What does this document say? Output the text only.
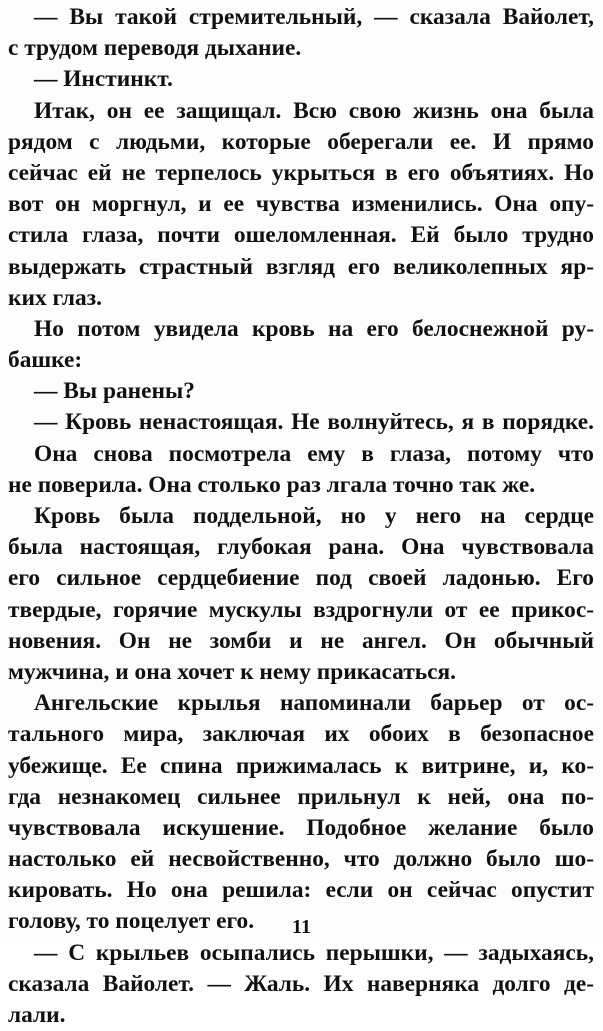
— Вы такой стремительный, — сказала Вайолет,
с трудом переводя дыхание.
— Инстинкт.
Итак, он ее защищал. Всю свою жизнь она была
рядом с людьми, которые оберегали ее. И прямо
сейчас ей не терпелось укрыться в его объятиях. Но
вот он моргнул, и ее чувства изменились. Она опу-
стила глаза, почти ошеломленная. Ей было трудно
выдержать страстный взгляд его великолепных яр-
ких глаз.
Но потом увидела кровь на его белоснежной ру-
башке:
— Вы ранены?
— Кровь ненастоящая. Не волнуйтесь, я в порядке.
Она снова посмотрела ему в глаза, потому что
не поверила. Она столько раз лгала точно так же.
Кровь была поддельной, но у него на сердце
была настоящая, глубокая рана. Она чувствовала
его сильное сердцебиение под своей ладонью. Его
твердые, горячие мускулы вздрогнули от ее прикос-
новения. Он не зомби и не ангел. Он обычный
мужчина, и она хочет к нему прикасаться.
Ангельские крылья напоминали барьер от ос-
тального мира, заключая их обоих в безопасное
убежище. Ее спина прижималась к витрине, и, ко-
гда незнакомец сильнее прильнул к ней, она по-
чувствовала искушение. Подобное желание было
настолько ей несвойственно, что должно было шо-
кировать. Но она решила: если он сейчас опустит
голову, то поцелует его.
— С крыльев осыпались перышки, — задыхаясь,
сказала Вайолет. — Жаль. Их наверняка долго де-
лали.
11
